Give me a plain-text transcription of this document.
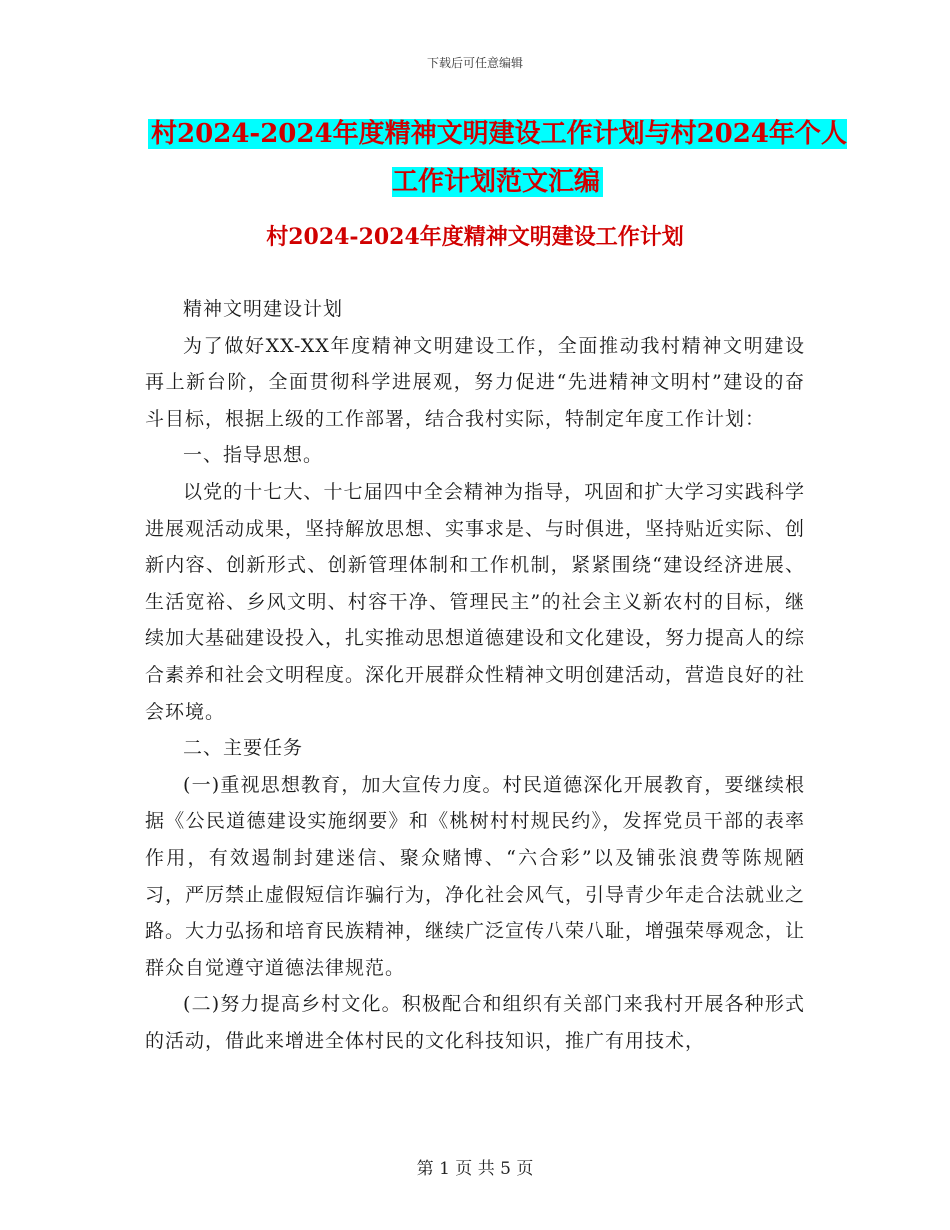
下载后可任意编辑
村2024-2024年度精神文明建设工作计划与村2024年个人工作计划范文汇编
村2024-2024年度精神文明建设工作计划

精神文明建设计划

为了做好XX-XX年度精神文明建设工作，全面推动我村精神文明建设再上新台阶，全面贯彻科学进展观，努力促进“先进精神文明村”建设的奋斗目标，根据上级的工作部署，结合我村实际，特制定年度工作计划：

一、指导思想。

以党的十七大、十七届四中全会精神为指导，巩固和扩大学习实践科学进展观活动成果，坚持解放思想、实事求是、与时俱进，坚持贴近实际、创新内容、创新形式、创新管理体制和工作机制，紧紧围绕“建设经济进展、生活宽裕、乡风文明、村容干净、管理民主”的社会主义新农村的目标，继续加大基础建设投入，扎实推动思想道德建设和文化建设，努力提高人的综合素养和社会文明程度。深化开展群众性精神文明创建活动，营造良好的社会环境。

二、主要任务

(一)重视思想教育，加大宣传力度。村民道德深化开展教育，要继续根据《公民道德建设实施纲要》和《桃树村村规民约》，发挥党员干部的表率作用，有效遏制封建迷信、聚众赌博、“六合彩”以及铺张浪费等陈规陋习，严厉禁止虚假短信诈骗行为，净化社会风气，引导青少年走合法就业之路。大力弘扬和培育民族精神，继续广泛宣传八荣八耻，增强荣辱观念，让群众自觉遵守道德法律规范。

(二)努力提高乡村文化。积极配合和组织有关部门来我村开展各种形式的活动，借此来增进全体村民的文化科技知识，推广有用技术，

第 1 页 共 5 页
